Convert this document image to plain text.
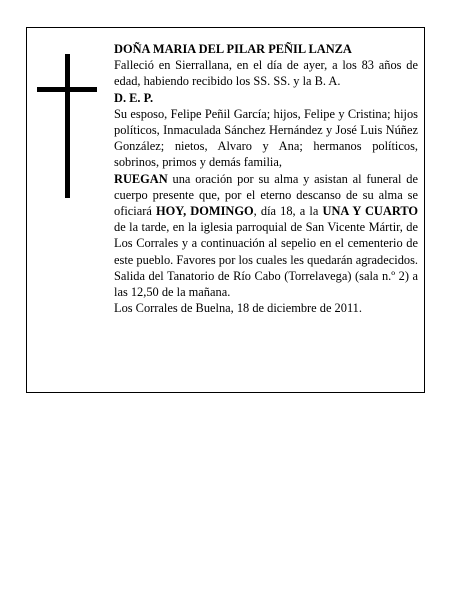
DOÑA MARIA DEL PILAR PEÑIL LANZA

Falleció en Sierrallana, en el día de ayer, a los 83 años de edad, habiendo recibido los SS. SS. y la B. A.

D. E. P.

Su esposo, Felipe Peñil García; hijos, Felipe y Cristina; hijos políticos, Inmaculada Sánchez Hernández y José Luis Núñez González; nietos, Alvaro y Ana; hermanos políticos, sobrinos, primos y demás familia,

RUEGAN una oración por su alma y asistan al funeral de cuerpo presente que, por el eterno descanso de su alma se oficiará HOY, DOMINGO, día 18, a la UNA Y CUARTO de la tarde, en la iglesia parroquial de San Vicente Mártir, de Los Corrales y a continuación al sepelio en el cementerio de este pueblo. Favores por los cuales les quedarán agradecidos. Salida del Tanatorio de Río Cabo (Torrelavega) (sala n.º 2) a las 12,50 de la mañana.

Los Corrales de Buelna, 18 de diciembre de 2011.
